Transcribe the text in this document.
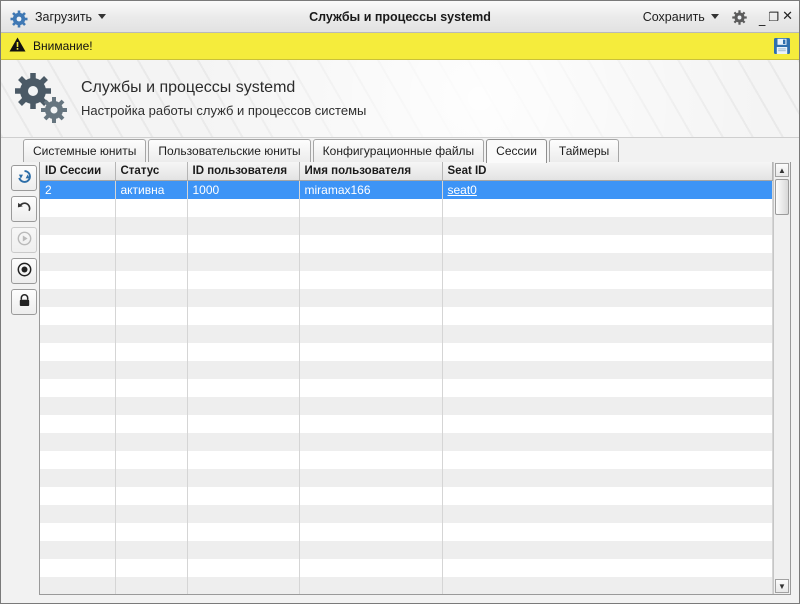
Загрузить	Службы и процессы systemd	Сохранить	_ ❐ ✕
Внимание!
Службы и процессы systemd
Настройка работы служб и процессов системы
Системные юниты	Пользовательские юниты	Конфигурационные файлы	Сессии	Таймеры
ID Сессии	Статус	ID пользователя	Имя пользователя	Seat ID
2	активна	1000	miramax166	seat0

▲
▼
